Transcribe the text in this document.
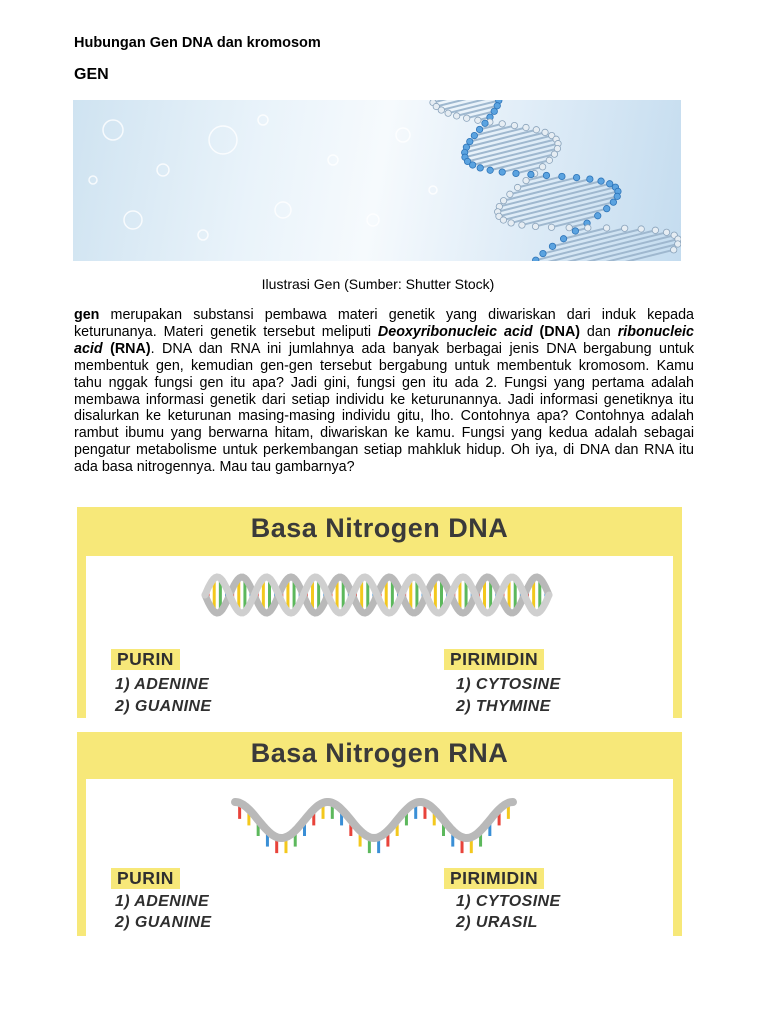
Hubungan Gen DNA dan kromosom
GEN
Ilustrasi Gen (Sumber: Shutter Stock)
gen merupakan substansi pembawa materi genetik yang diwariskan dari induk kepada keturunanya. Materi genetik tersebut meliputi Deoxyribonucleic acid (DNA) dan ribonucleic acid (RNA). DNA dan RNA ini jumlahnya ada banyak berbagai jenis DNA bergabung untuk membentuk gen, kemudian gen-gen tersebut bergabung untuk membentuk kromosom. Kamu tahu nggak fungsi gen itu apa? Jadi gini, fungsi gen itu ada 2. Fungsi yang pertama adalah membawa informasi genetik dari setiap individu ke keturunannya. Jadi informasi genetiknya itu disalurkan ke keturunan masing-masing individu gitu, lho. Contohnya apa? Contohnya adalah rambut ibumu yang berwarna hitam, diwariskan ke kamu. Fungsi yang kedua adalah sebagai pengatur metabolisme untuk perkembangan setiap mahkluk hidup. Oh iya, di DNA dan RNA itu ada basa nitrogennya. Mau tau gambarnya?
Basa Nitrogen DNA
PURIN
1) ADENINE
2) GUANINE
PIRIMIDIN
1) CYTOSINE
2) THYMINE
Basa Nitrogen RNA
PURIN
1) ADENINE
2) GUANINE
PIRIMIDIN
1) CYTOSINE
2) URASIL
